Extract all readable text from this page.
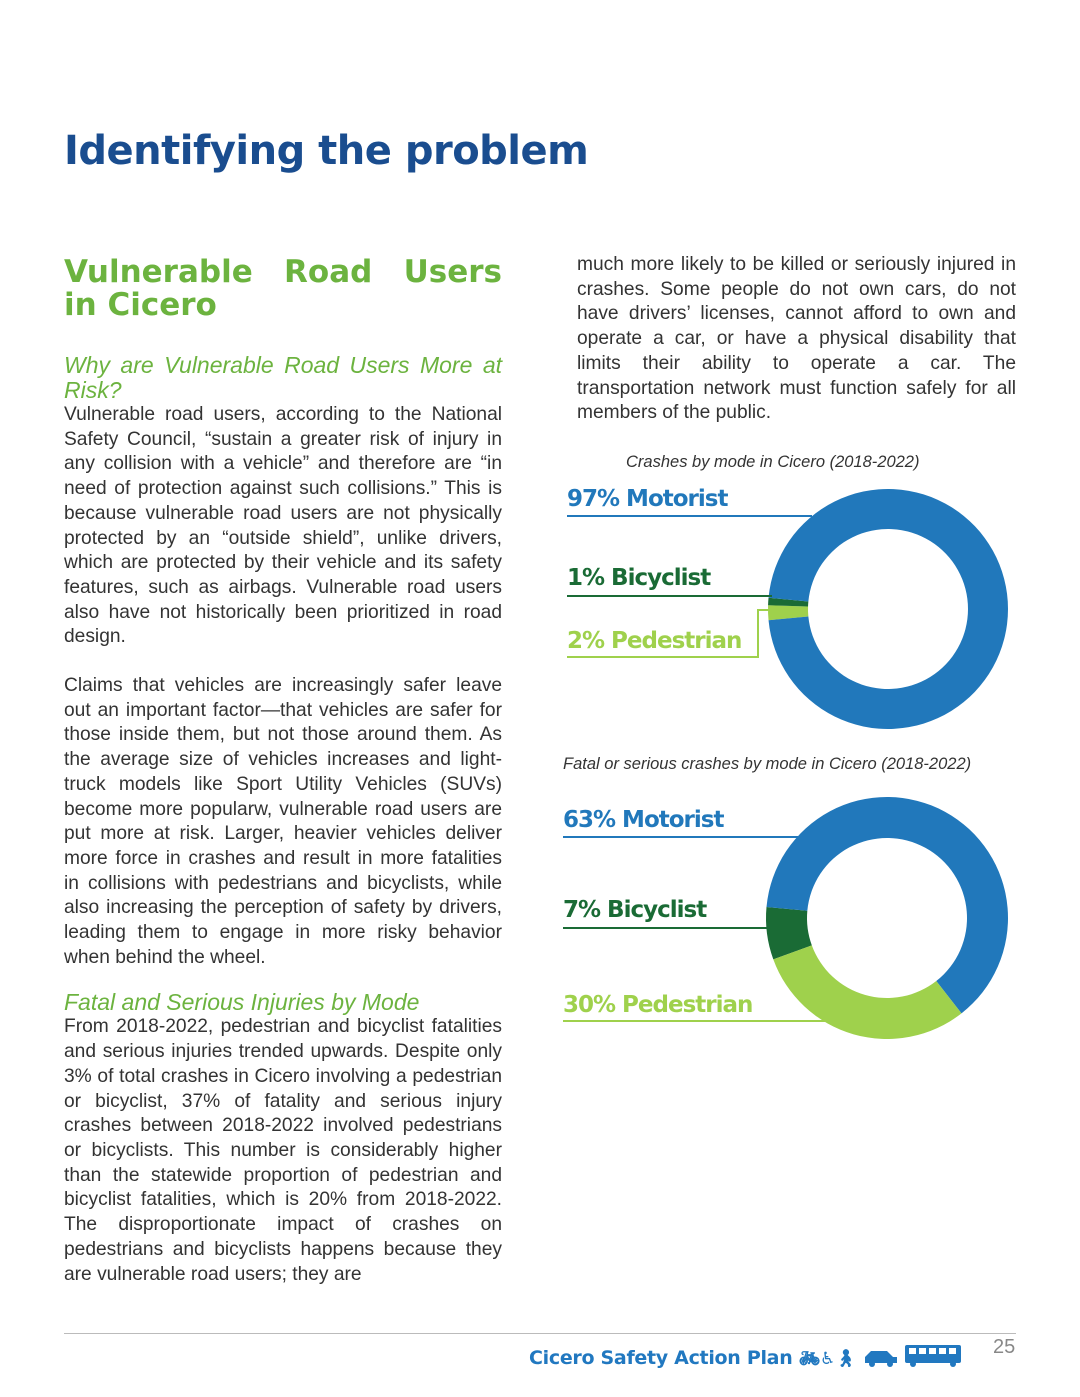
Identifying the problem
Vulnerable Road Users in Cicero
Why are Vulnerable Road Users More at Risk?

Vulnerable road users, according to the National Safety Council, “sustain a greater risk of injury in any collision with a vehicle” and therefore are “in need of protection against such collisions.” This is because vulnerable road users are not physically protected by an “outside shield”, unlike drivers, which are protected by their vehicle and its safety features, such as airbags. Vulnerable road users also have not historically been prioritized in road design.

Claims that vehicles are increasingly safer leave out an important factor—that vehicles are safer for those inside them, but not those around them. As the average size of vehicles increases and light-truck models like Sport Utility Vehicles (SUVs) become more popularw, vulnerable road users are put more at risk. Larger, heavier vehicles deliver more force in crashes and result in more fatalities in collisions with pedestrians and bicyclists, while also increasing the perception of safety by drivers, leading them to engage in more risky behavior when behind the wheel.

Fatal and Serious Injuries by Mode

From 2018-2022, pedestrian and bicyclist fatalities and serious injuries trended upwards. Despite only 3% of total crashes in Cicero involving a pedestrian or bicyclist, 37% of fatality and serious injury crashes between 2018-2022 involved pedestrians or bicyclists. This number is considerably higher than the statewide proportion of pedestrian and bicyclist fatalities, which is 20% from 2018-2022. The disproportionate impact of crashes on pedestrians and bicyclists happens because they are vulnerable road users; they are

much more likely to be killed or seriously injured in crashes. Some people do not own cars, do not have drivers’ licenses, cannot afford to own and operate a car, or have a physical disability that limits their ability to operate a car. The transportation network must function safely for all members of the public.

Crashes by mode in Cicero (2018-2022)
Fatal or serious crashes by mode in Cicero (2018-2022)
97% Motorist
1% Bicyclist
2% Pedestrian
63% Motorist
7% Bicyclist
30% Pedestrian
Cicero Safety Action Plan 🚲︎♿︎🚶︎
25
